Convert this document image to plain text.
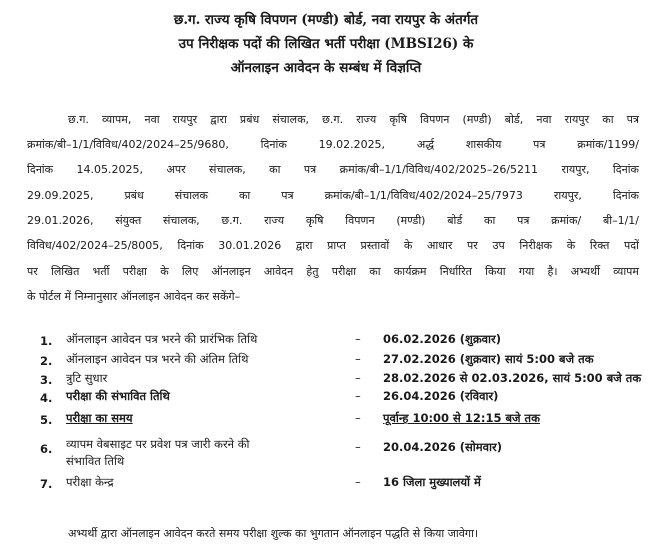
छ.ग. राज्य कृषि विपणन (मण्डी) बोर्ड, नवा रायपुर के अंतर्गत
उप निरीक्षक पदों की लिखित भर्ती परीक्षा (MBSI26) के
ऑनलाइन आवेदन के सम्बंध में विज्ञप्ति
छ.ग. व्यापम, नवा रायपुर द्वारा प्रबंध संचालक, छ.ग. राज्य कृषि विपणन (मण्डी) बोर्ड, नवा रायपुर का पत्र
क्रमांक/बी–1/1/विविध/402/2024–25/9680, दिनांक 19.02.2025, अर्द्ध शासकीय पत्र क्रमांक/1199/
दिनांक 14.05.2025, अपर संचालक, का पत्र क्रमांक/बी–1/1/विविध/402/2025–26/5211 रायपुर, दिनांक
29.09.2025, प्रबंध संचालक का पत्र क्रमांक/बी–1/1/विविध/402/2024–25/7973 रायपुर, दिनांक
29.01.2026, संयुक्त संचालक, छ.ग. राज्य कृषि विपणन (मण्डी) बोर्ड का पत्र क्रमांक/ बी–1/1/
विविध/402/2024–25/8005, दिनांक 30.01.2026 द्वारा प्राप्त प्रस्तावों के आधार पर उप निरीक्षक के रिक्त पदों
पर लिखित भर्ती परीक्षा के लिए ऑनलाइन आवेदन हेतु परीक्षा का कार्यक्रम निर्धारित किया गया है। अभ्यर्थी व्यापम
के पोर्टल में निम्नानुसार ऑनलाइन आवेदन कर सकेंगे–
1. ऑनलाइन आवेदन पत्र भरने की प्रारंभिक तिथि	– 06.02.2026 (शुक्रवार)
2. ऑनलाइन आवेदन पत्र भरने की अंतिम तिथि	– 27.02.2026 (शुक्रवार) सायं 5:00 बजे तक
3. त्रुटि सुधार	– 28.02.2026 से 02.03.2026, सायं 5:00 बजे तक
4. परीक्षा की संभावित तिथि	– 26.04.2026 (रविवार)
5. परीक्षा का समय	– पूर्वान्ह 10:00 से 12:15 बजे तक
6. व्यापम वेबसाइट पर प्रवेश पत्र जारी करने की
संभावित तिथि
– 20.04.2026 (सोमवार)
7. परीक्षा केन्द्र	– 16 जिला मुख्यालयों में
अभ्यर्थी द्वारा ऑनलाइन आवेदन करते समय परीक्षा शुल्क का भुगतान ऑनलाइन पद्धति से किया जावेगा।
